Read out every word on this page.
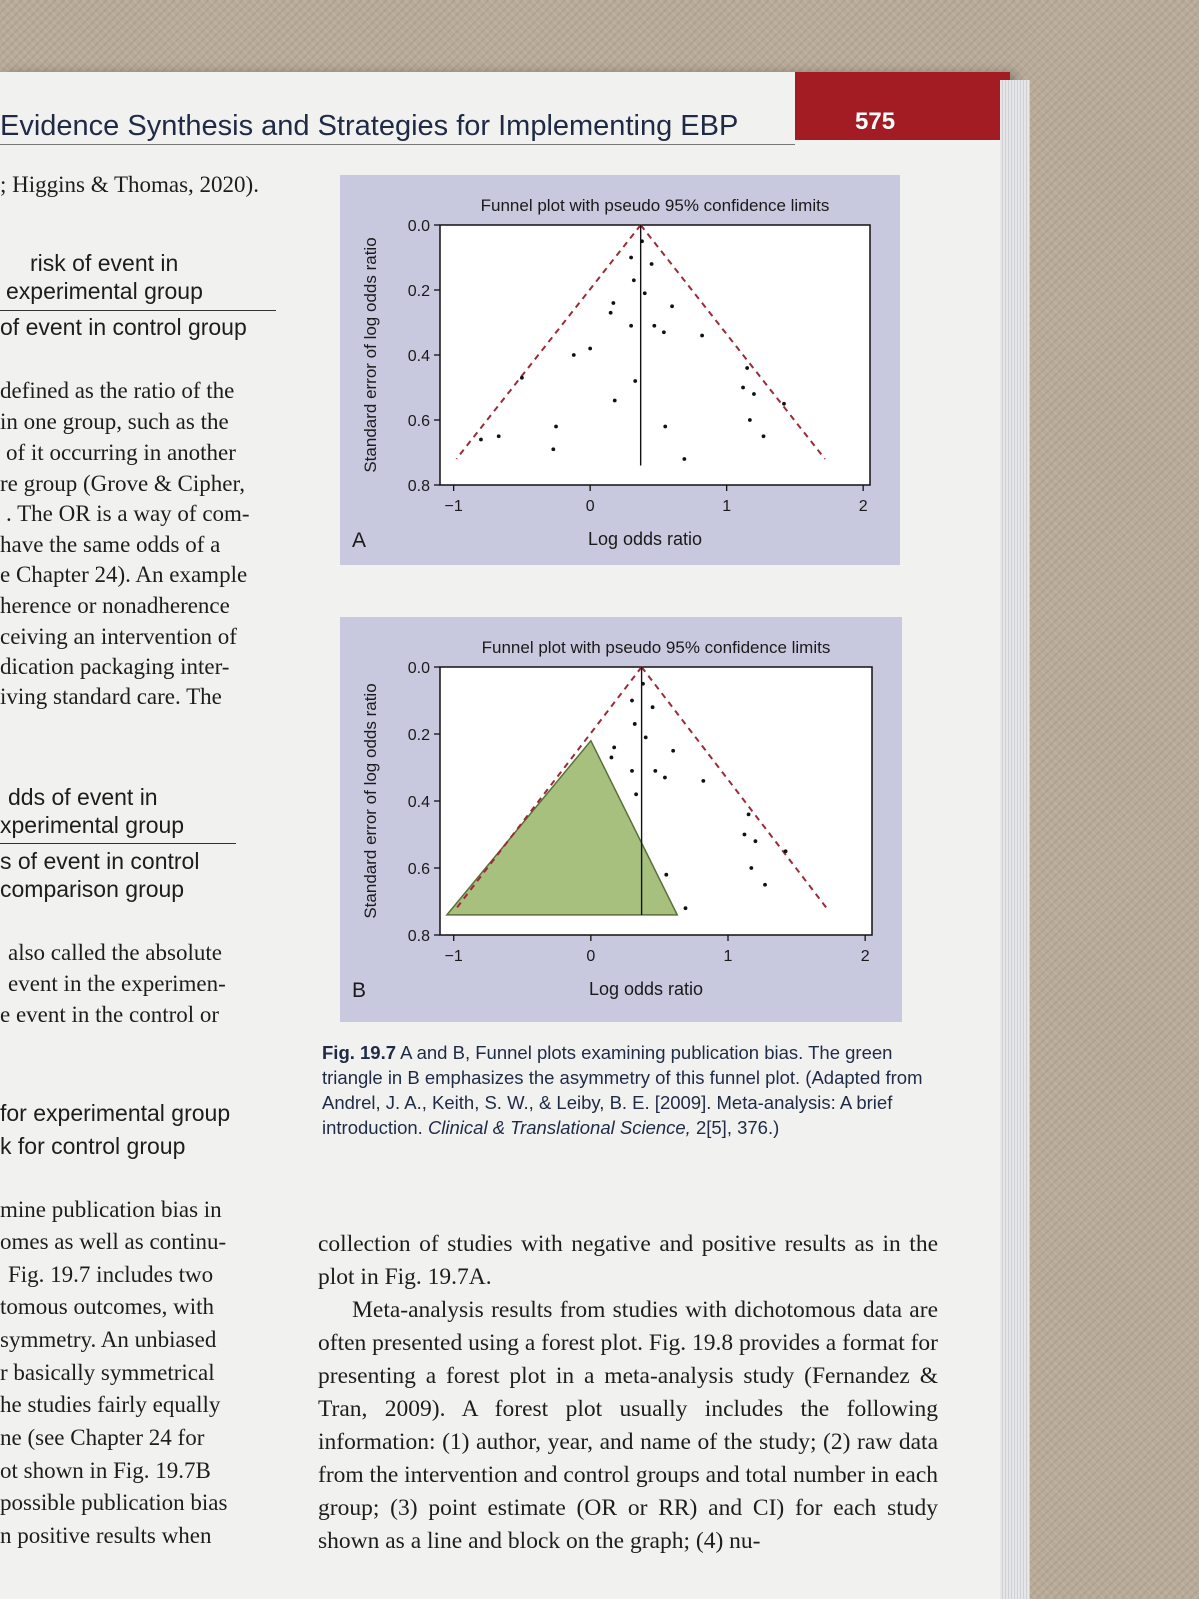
Evidence Synthesis and Strategies for Implementing EBP	575
; Higgins & Thomas, 2020).
risk of event in
experimental group
of event in control group
defined as the ratio of the
in one group, such as the
of it occurring in another
re group (Grove & Cipher,
. The OR is a way of com-
have the same odds of a
e Chapter 24). An example
herence or nonadherence
ceiving an intervention of
dication packaging inter-
iving standard care. The
dds of event in
xperimental group
s of event in control
comparison group
also called the absolute
event in the experimen-
e event in the control or
for experimental group
k for control group
mine publication bias in
omes as well as continu-
Fig. 19.7 includes two
tomous outcomes, with
symmetry. An unbiased
r basically symmetrical
he studies fairly equally
ne (see Chapter 24 for
ot shown in Fig. 19.7B
possible publication bias
n positive results when
Funnel plot with pseudo 95% confidence limits
0.0
0.2
0.4
0.6
0.8
−1	0	1	2
Log odds ratio
Standard error of log odds ratio
A
Funnel plot with pseudo 95% confidence limits
0.0
0.2
0.4
0.6
0.8
−1	0	1	2
Log odds ratio
Standard error of log odds ratio
B
Fig. 19.7 A and B, Funnel plots examining publication bias. The green triangle in B emphasizes the asymmetry of this funnel plot. (Adapted from Andrel, J. A., Keith, S. W., & Leiby, B. E. [2009]. Meta-analysis: A brief introduction. Clinical & Translational Science, 2[5], 376.)

collection of studies with negative and positive results as in the plot in Fig. 19.7A.

Meta-analysis results from studies with dichotomous data are often presented using a forest plot. Fig. 19.8 provides a format for presenting a forest plot in a meta-analysis study (Fernandez & Tran, 2009). A forest plot usually includes the following information: (1) author, year, and name of the study; (2) raw data from the intervention and control groups and total number in each group; (3) point estimate (OR or RR) and CI) for each study shown as a line and block on the graph; (4) nu-
